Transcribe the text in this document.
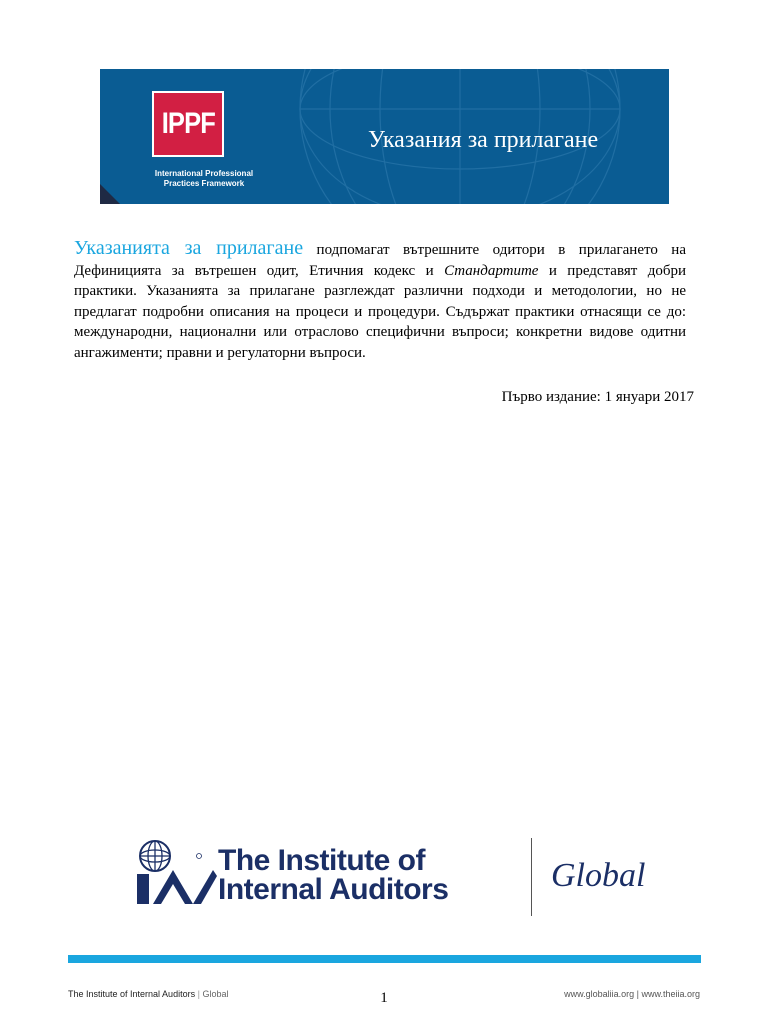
IPPF
International Professional
Practices Framework
Указания за прилагане

Указанията за прилагане подпомагат вътрешните одитори в прилагането на Дефиницията за вътрешен одит, Етичния кодекс и Стандартите и представят добри практики. Указанията за прилагане разглеждат различни подходи и методологии, но не предлагат подробни описания на процеси и процедури. Съдържат практики отнасящи се до: международни, национални или отраслово специфични въпроси; конкретни видове одитни ангажименти; правни и регулаторни въпроси.

Първо издание: 1 януари 2017
The Institute of
Internal Auditors	Global
The Institute of Internal Auditors | Global	1	www.globaliia.org | www.theiia.org
